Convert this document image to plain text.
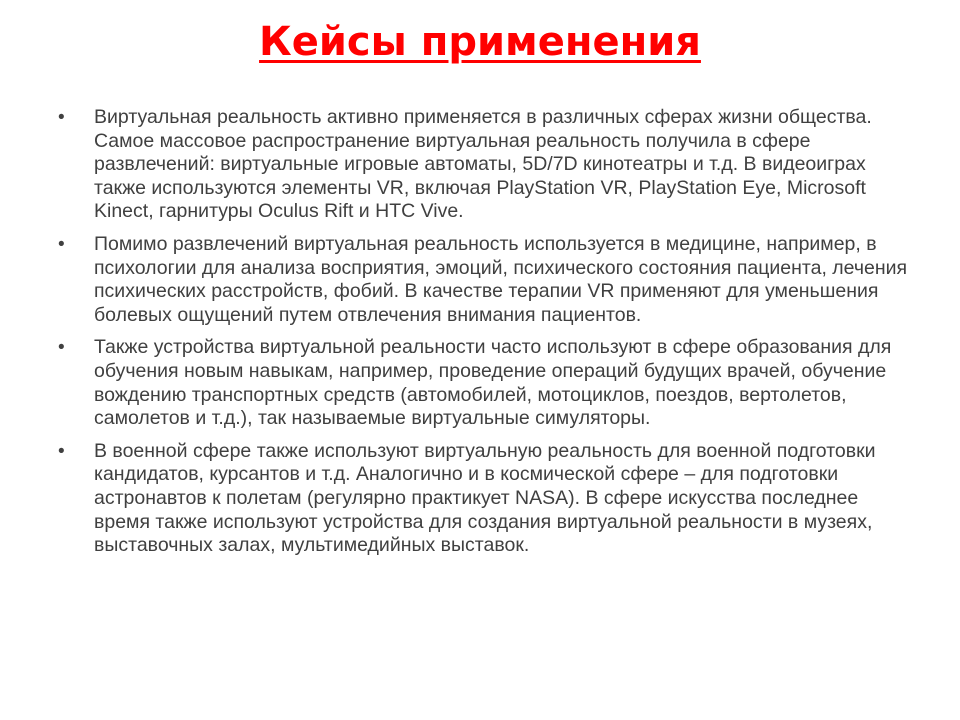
Кейсы применения
• Виртуальная реальность активно применяется в различных сферах жизни общества. Самое массовое распространение виртуальная реальность получила в сфере развлечений: виртуальные игровые автоматы, 5D/7D кинотеатры и т.д. В видеоиграх также используются элементы VR, включая PlayStation VR, PlayStation Eye, Microsoft Kinect, гарнитуры Oculus Rift и HTC Vive.
• Помимо развлечений виртуальная реальность используется в медицине, например, в психологии для анализа восприятия, эмоций, психического состояния пациента, лечения психических расстройств, фобий. В качестве терапии VR применяют для уменьшения болевых ощущений путем отвлечения внимания пациентов.
• Также устройства виртуальной реальности часто используют в сфере образования для обучения новым навыкам, например, проведение операций будущих врачей, обучение вождению транспортных средств (автомобилей, мотоциклов, поездов, вертолетов, самолетов и т.д.), так называемые виртуальные симуляторы.
• В военной сфере также используют виртуальную реальность для военной подготовки кандидатов, курсантов и т.д. Аналогично и в космической сфере – для подготовки астронавтов к полетам (регулярно практикует NASA). В сфере искусства последнее время также используют устройства для создания виртуальной реальности в музеях, выставочных залах, мультимедийных выставок.
